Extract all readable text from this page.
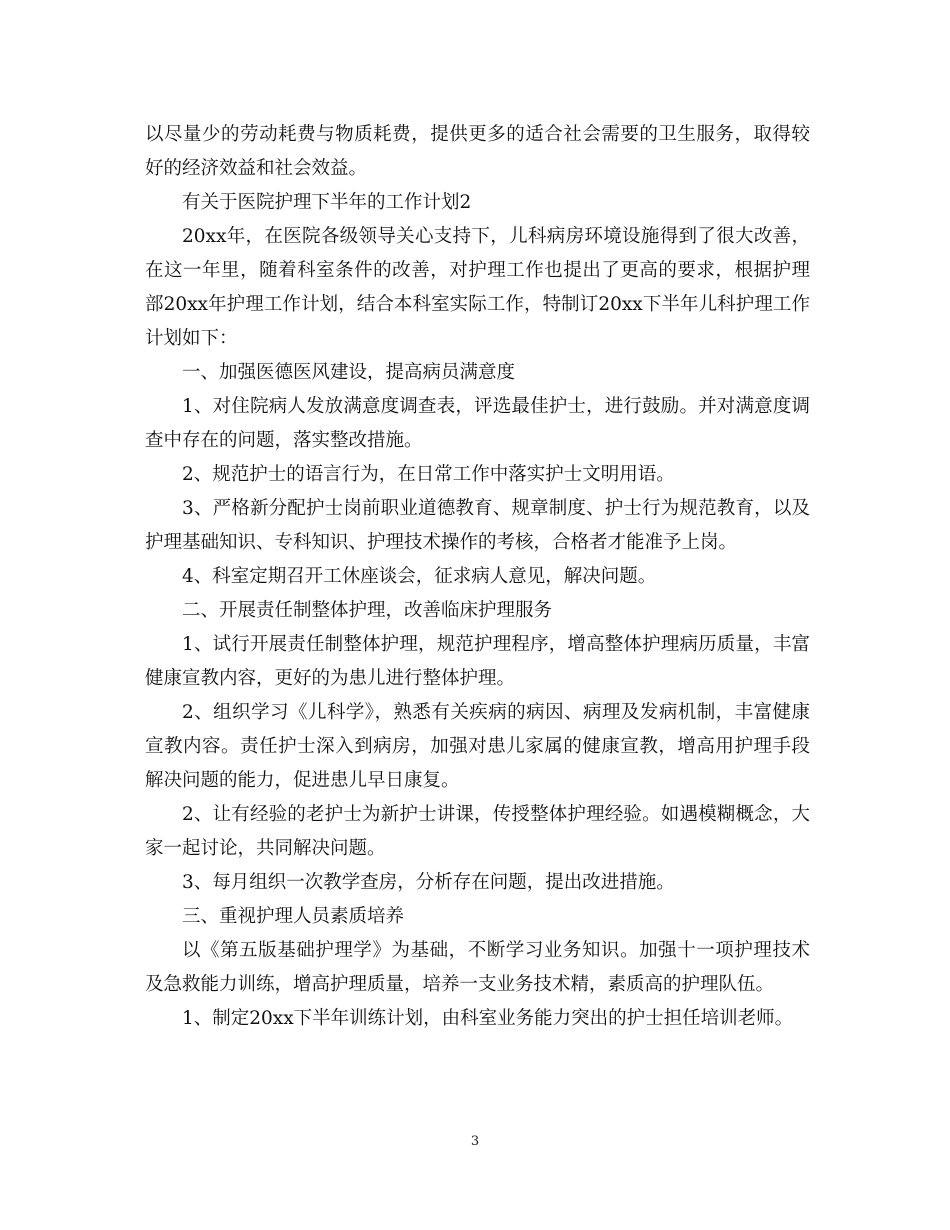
以尽量少的劳动耗费与物质耗费，提供更多的适合社会需要的卫生服务，取得较好的经济效益和社会效益。

有关于医院护理下半年的工作计划2

20xx年，在医院各级领导关心支持下，儿科病房环境设施得到了很大改善，在这一年里，随着科室条件的改善，对护理工作也提出了更高的要求，根据护理部20xx年护理工作计划，结合本科室实际工作，特制订20xx下半年儿科护理工作计划如下：

一、加强医德医风建设，提高病员满意度

1、对住院病人发放满意度调查表，评选最佳护士，进行鼓励。并对满意度调查中存在的问题，落实整改措施。

2、规范护士的语言行为，在日常工作中落实护士文明用语。

3、严格新分配护士岗前职业道德教育、规章制度、护士行为规范教育，以及护理基础知识、专科知识、护理技术操作的考核，合格者才能准予上岗。

4、科室定期召开工休座谈会，征求病人意见，解决问题。

二、开展责任制整体护理，改善临床护理服务

1、试行开展责任制整体护理，规范护理程序，增高整体护理病历质量，丰富健康宣教内容，更好的为患儿进行整体护理。

2、组织学习《儿科学》，熟悉有关疾病的病因、病理及发病机制，丰富健康宣教内容。责任护士深入到病房，加强对患儿家属的健康宣教，增高用护理手段解决问题的能力，促进患儿早日康复。

2、让有经验的老护士为新护士讲课，传授整体护理经验。如遇模糊概念，大家一起讨论，共同解决问题。

3、每月组织一次教学查房，分析存在问题，提出改进措施。

三、重视护理人员素质培养

以《第五版基础护理学》为基础，不断学习业务知识。加强十一项护理技术及急救能力训练，增高护理质量，培养一支业务技术精，素质高的护理队伍。

1、制定20xx下半年训练计划，由科室业务能力突出的护士担任培训老师。

3
